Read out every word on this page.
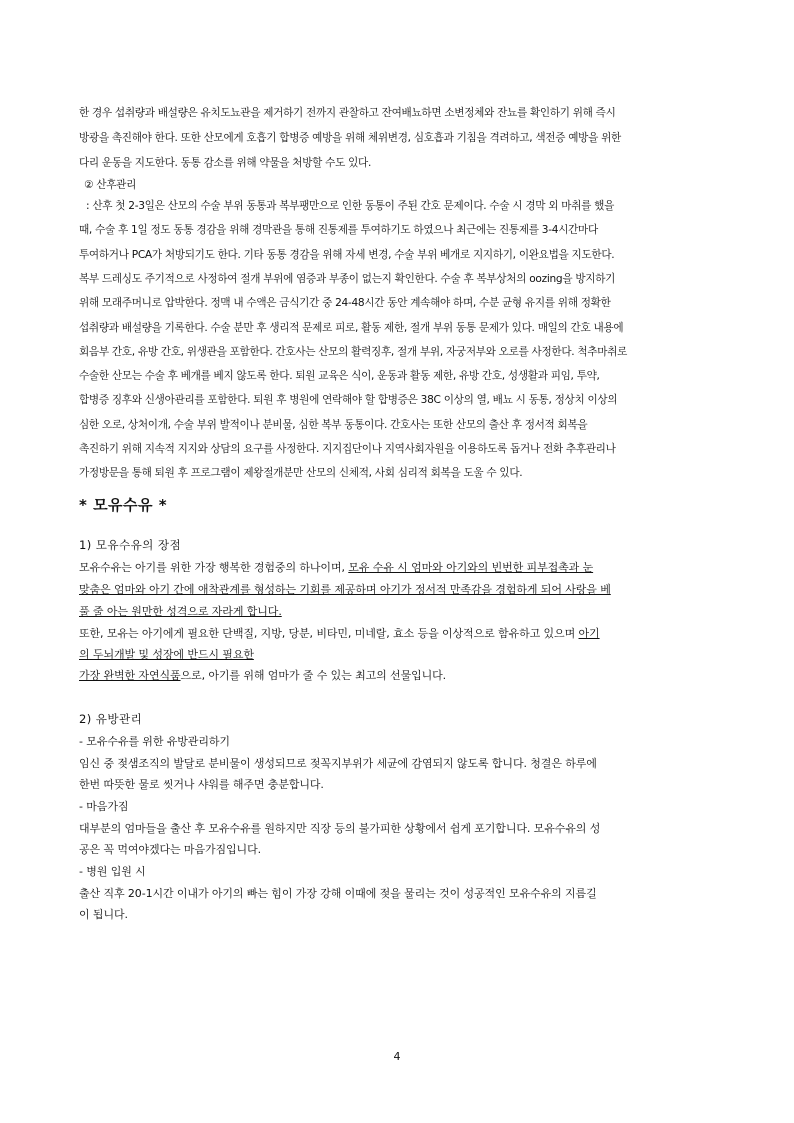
한 경우 섭취량과 배설량은 유치도뇨관을 제거하기 전까지 관찰하고 잔여배뇨하면 소변정체와 잔뇨를 확인하기 위해 즉시
방광을 촉진해야 한다. 또한 산모에게 호흡기 합병증 예방을 위해 체위변경, 심호흡과 기침을 격려하고, 색전증 예방을 위한
다리 운동을 지도한다. 동통 감소를 위해 약물을 처방할 수도 있다.
② 산후관리
: 산후 첫 2-3일은 산모의 수술 부위 동통과 복부팽만으로 인한 동통이 주된 간호 문제이다. 수술 시 경막 외 마취를 했을
때, 수술 후 1일 정도 동통 경감을 위해 경막관을 통해 진통제를 투여하기도 하였으나 최근에는 진통제를 3-4시간마다
투여하거나 PCA가 처방되기도 한다. 기타 동통 경감을 위해 자세 변경, 수술 부위 베개로 지지하기, 이완요법을 지도한다.
복부 드레싱도 주기적으로 사정하여 절개 부위에 염증과 부종이 없는지 확인한다. 수술 후 복부상처의 oozing을 방지하기
위해 모래주머니로 압박한다. 정맥 내 수액은 금식기간 중 24-48시간 동안 계속해야 하며, 수분 균형 유지를 위해 정확한
섭취량과 배설량을 기록한다. 수술 분만 후 생리적 문제로 피로, 활동 제한, 절개 부위 동통 문제가 있다. 매일의 간호 내용에
회음부 간호, 유방 간호, 위생관을 포함한다. 간호사는 산모의 활력징후, 절개 부위, 자궁저부와 오로를 사정한다. 척추마취로
수술한 산모는 수술 후 베개를 베지 않도록 한다. 퇴원 교육은 식이, 운동과 활동 제한, 유방 간호, 성생활과 피임, 투약,
합병증 징후와 신생아관리를 포함한다. 퇴원 후 병원에 연락해야 할 합병증은 38C 이상의 열, 배뇨 시 동통, 정상치 이상의
심한 오로, 상처이개, 수술 부위 발적이나 분비물, 심한 복부 동통이다. 간호사는 또한 산모의 출산 후 정서적 회복을
촉진하기 위해 지속적 지지와 상담의 요구를 사정한다. 지지집단이나 지역사회자원을 이용하도록 돕거나 전화 추후관리나
가정방문을 통해 퇴원 후 프로그램이 제왕절개분만 산모의 신체적, 사회 심리적 회복을 도울 수 있다.
* 모유수유 *
1) 모유수유의 장점
모유수유는 아기를 위한 가장 행복한 경험중의 하나이며, 모유 수유 시 엄마와 아기와의 빈번한 피부접촉과 눈
맞춤은 엄마와 아기 간에 애착관계를 형성하는 기회를 제공하며 아기가 정서적 만족감을 경험하게 되어 사랑을 베
풀 줄 아는 원만한 성격으로 자라게 합니다.
또한, 모유는 아기에게 필요한 단백질, 지방, 당분, 비타민, 미네랄, 효소 등을 이상적으로 함유하고 있으며 아기
의 두뇌개발 및 성장에 반드시 필요한
가장 완벽한 자연식품으로, 아기를 위해 엄마가 줄 수 있는 최고의 선물입니다.
2) 유방관리
- 모유수유를 위한 유방관리하기
임신 중 젖샘조직의 발달로 분비물이 생성되므로 젖꼭지부위가 세균에 감염되지 않도록 합니다. 청결은 하루에
한번 따뜻한 물로 씻거나 샤워를 해주면 충분합니다.
- 마음가짐
대부분의 엄마들을 출산 후 모유수유를 원하지만 직장 등의 불가피한 상황에서 쉽게 포기합니다. 모유수유의 성
공은 꼭 먹여야겠다는 마음가짐입니다.
- 병원 입원 시
출산 직후 20-1시간 이내가 아기의 빠는 힘이 가장 강해 이때에 젖을 물리는 것이 성공적인 모유수유의 지름길
이 됩니다.
4
